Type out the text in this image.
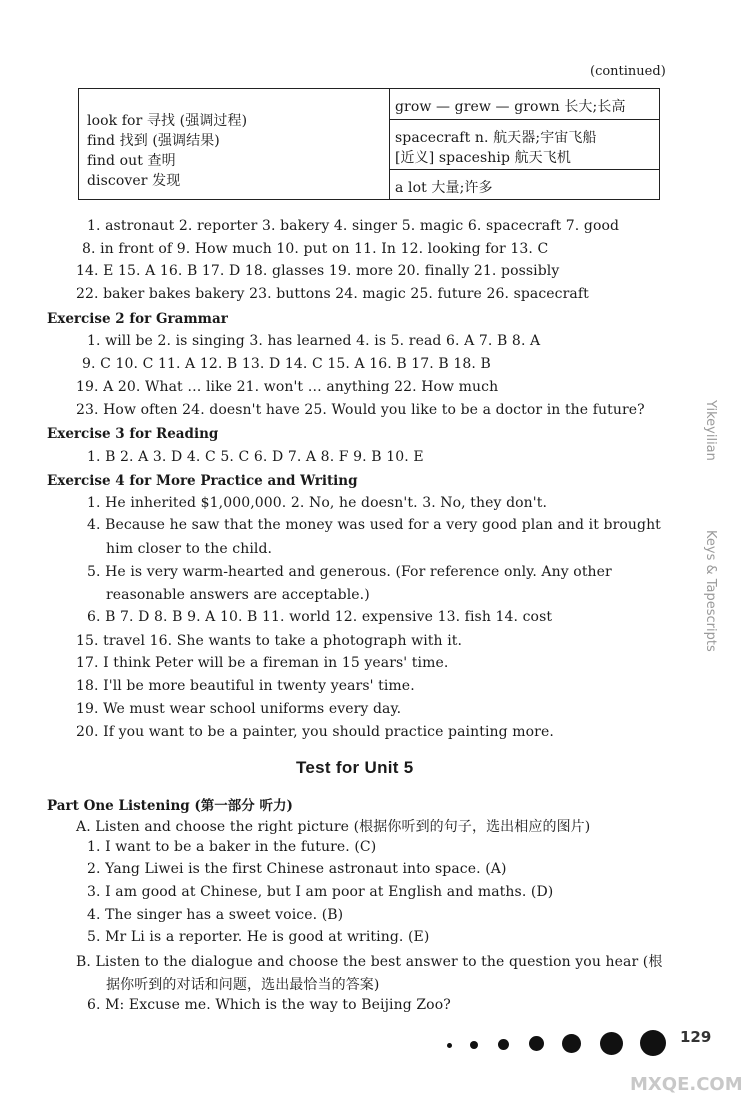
(continued)
look for 寻找 (强调过程)
find 找到 (强调结果)
find out 查明
discover 发现
grow — grew — grown 长大;长高
spacecraft n. 航天器;宇宙飞船
[近义] spaceship 航天飞机
a lot 大量;许多
1. astronaut 2. reporter 3. bakery 4. singer 5. magic 6. spacecraft 7. good
8. in front of 9. How much 10. put on 11. In 12. looking for 13. C
14. E 15. A 16. B 17. D 18. glasses 19. more 20. finally 21. possibly
22. baker bakes bakery 23. buttons 24. magic 25. future 26. spacecraft
Exercise 2 for Grammar
1. will be 2. is singing 3. has learned 4. is 5. read 6. A 7. B 8. A
9. C 10. C 11. A 12. B 13. D 14. C 15. A 16. B 17. B 18. B
19. A 20. What … like 21. won't … anything 22. How much
23. How often 24. doesn't have 25. Would you like to be a doctor in the future?
Exercise 3 for Reading
1. B 2. A 3. D 4. C 5. C 6. D 7. A 8. F 9. B 10. E
Exercise 4 for More Practice and Writing
1. He inherited $1,000,000. 2. No, he doesn't. 3. No, they don't.
4. Because he saw that the money was used for a very good plan and it brought
him closer to the child.
5. He is very warm-hearted and generous. (For reference only. Any other
reasonable answers are acceptable.)
6. B 7. D 8. B 9. A 10. B 11. world 12. expensive 13. fish 14. cost
15. travel 16. She wants to take a photograph with it.
17. I think Peter will be a fireman in 15 years' time.
18. I'll be more beautiful in twenty years' time.
19. We must wear school uniforms every day.
20. If you want to be a painter, you should practice painting more.
Test for Unit 5
Part One Listening (第一部分 听力)
A. Listen and choose the right picture (根据你听到的句子，选出相应的图片)
1. I want to be a baker in the future. (C)
2. Yang Liwei is the first Chinese astronaut into space. (A)
3. I am good at Chinese, but I am poor at English and maths. (D)
4. The singer has a sweet voice. (B)
5. Mr Li is a reporter. He is good at writing. (E)
B. Listen to the dialogue and choose the best answer to the question you hear (根
据你听到的对话和问题，选出最恰当的答案)
6. M: Excuse me. Which is the way to Beijing Zoo?
Yikeyilian
Keys & Tapescripts
129
MXQE.COM
